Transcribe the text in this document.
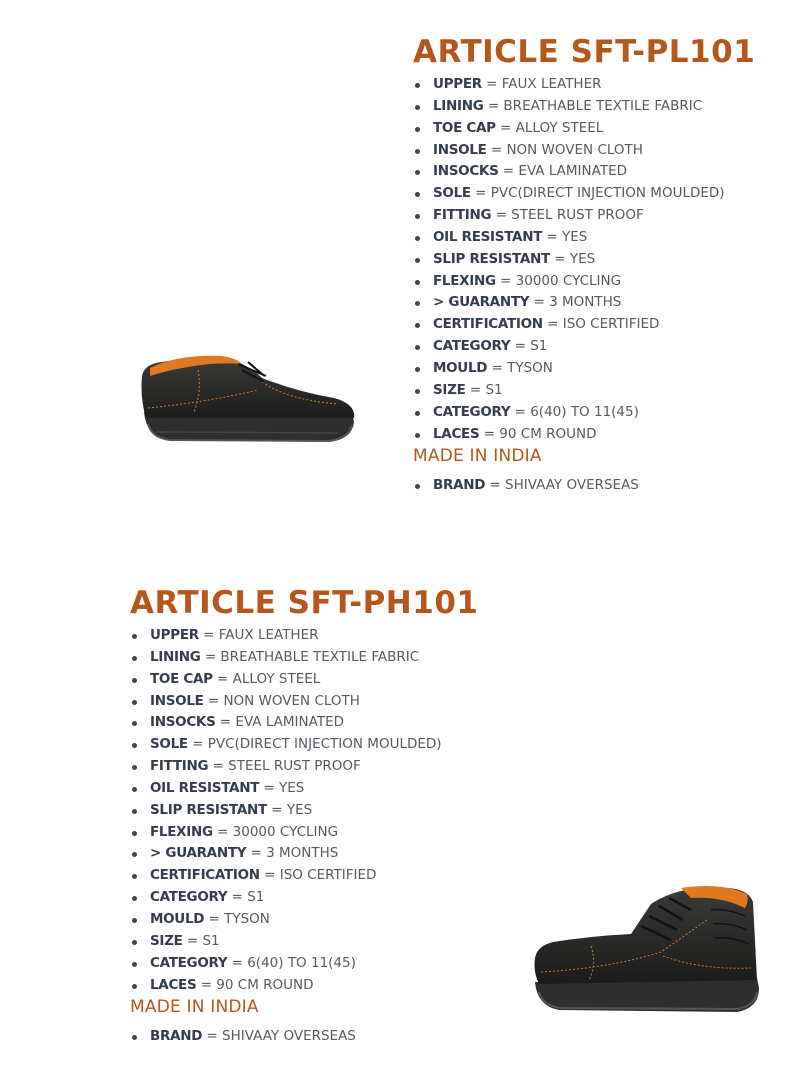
ARTICLE SFT-PL101
UPPER = FAUX LEATHER
LINING = BREATHABLE TEXTILE FABRIC
TOE CAP = ALLOY STEEL
INSOLE = NON WOVEN CLOTH
INSOCKS = EVA LAMINATED
SOLE = PVC(DIRECT INJECTION MOULDED)
FITTING = STEEL RUST PROOF
OIL RESISTANT = YES
SLIP RESISTANT = YES
FLEXING = 30000 CYCLING
> GUARANTY = 3 MONTHS
CERTIFICATION = ISO CERTIFIED
CATEGORY = S1
MOULD = TYSON
SIZE = S1
CATEGORY = 6(40) TO 11(45)
LACES = 90 CM ROUND
MADE IN INDIA
BRAND = SHIVAAY OVERSEAS
ARTICLE SFT-PH101
UPPER = FAUX LEATHER
LINING = BREATHABLE TEXTILE FABRIC
TOE CAP = ALLOY STEEL
INSOLE = NON WOVEN CLOTH
INSOCKS = EVA LAMINATED
SOLE = PVC(DIRECT INJECTION MOULDED)
FITTING = STEEL RUST PROOF
OIL RESISTANT = YES
SLIP RESISTANT = YES
FLEXING = 30000 CYCLING
> GUARANTY = 3 MONTHS
CERTIFICATION = ISO CERTIFIED
CATEGORY = S1
MOULD = TYSON
SIZE = S1
CATEGORY = 6(40) TO 11(45)
LACES = 90 CM ROUND
MADE IN INDIA
BRAND = SHIVAAY OVERSEAS
